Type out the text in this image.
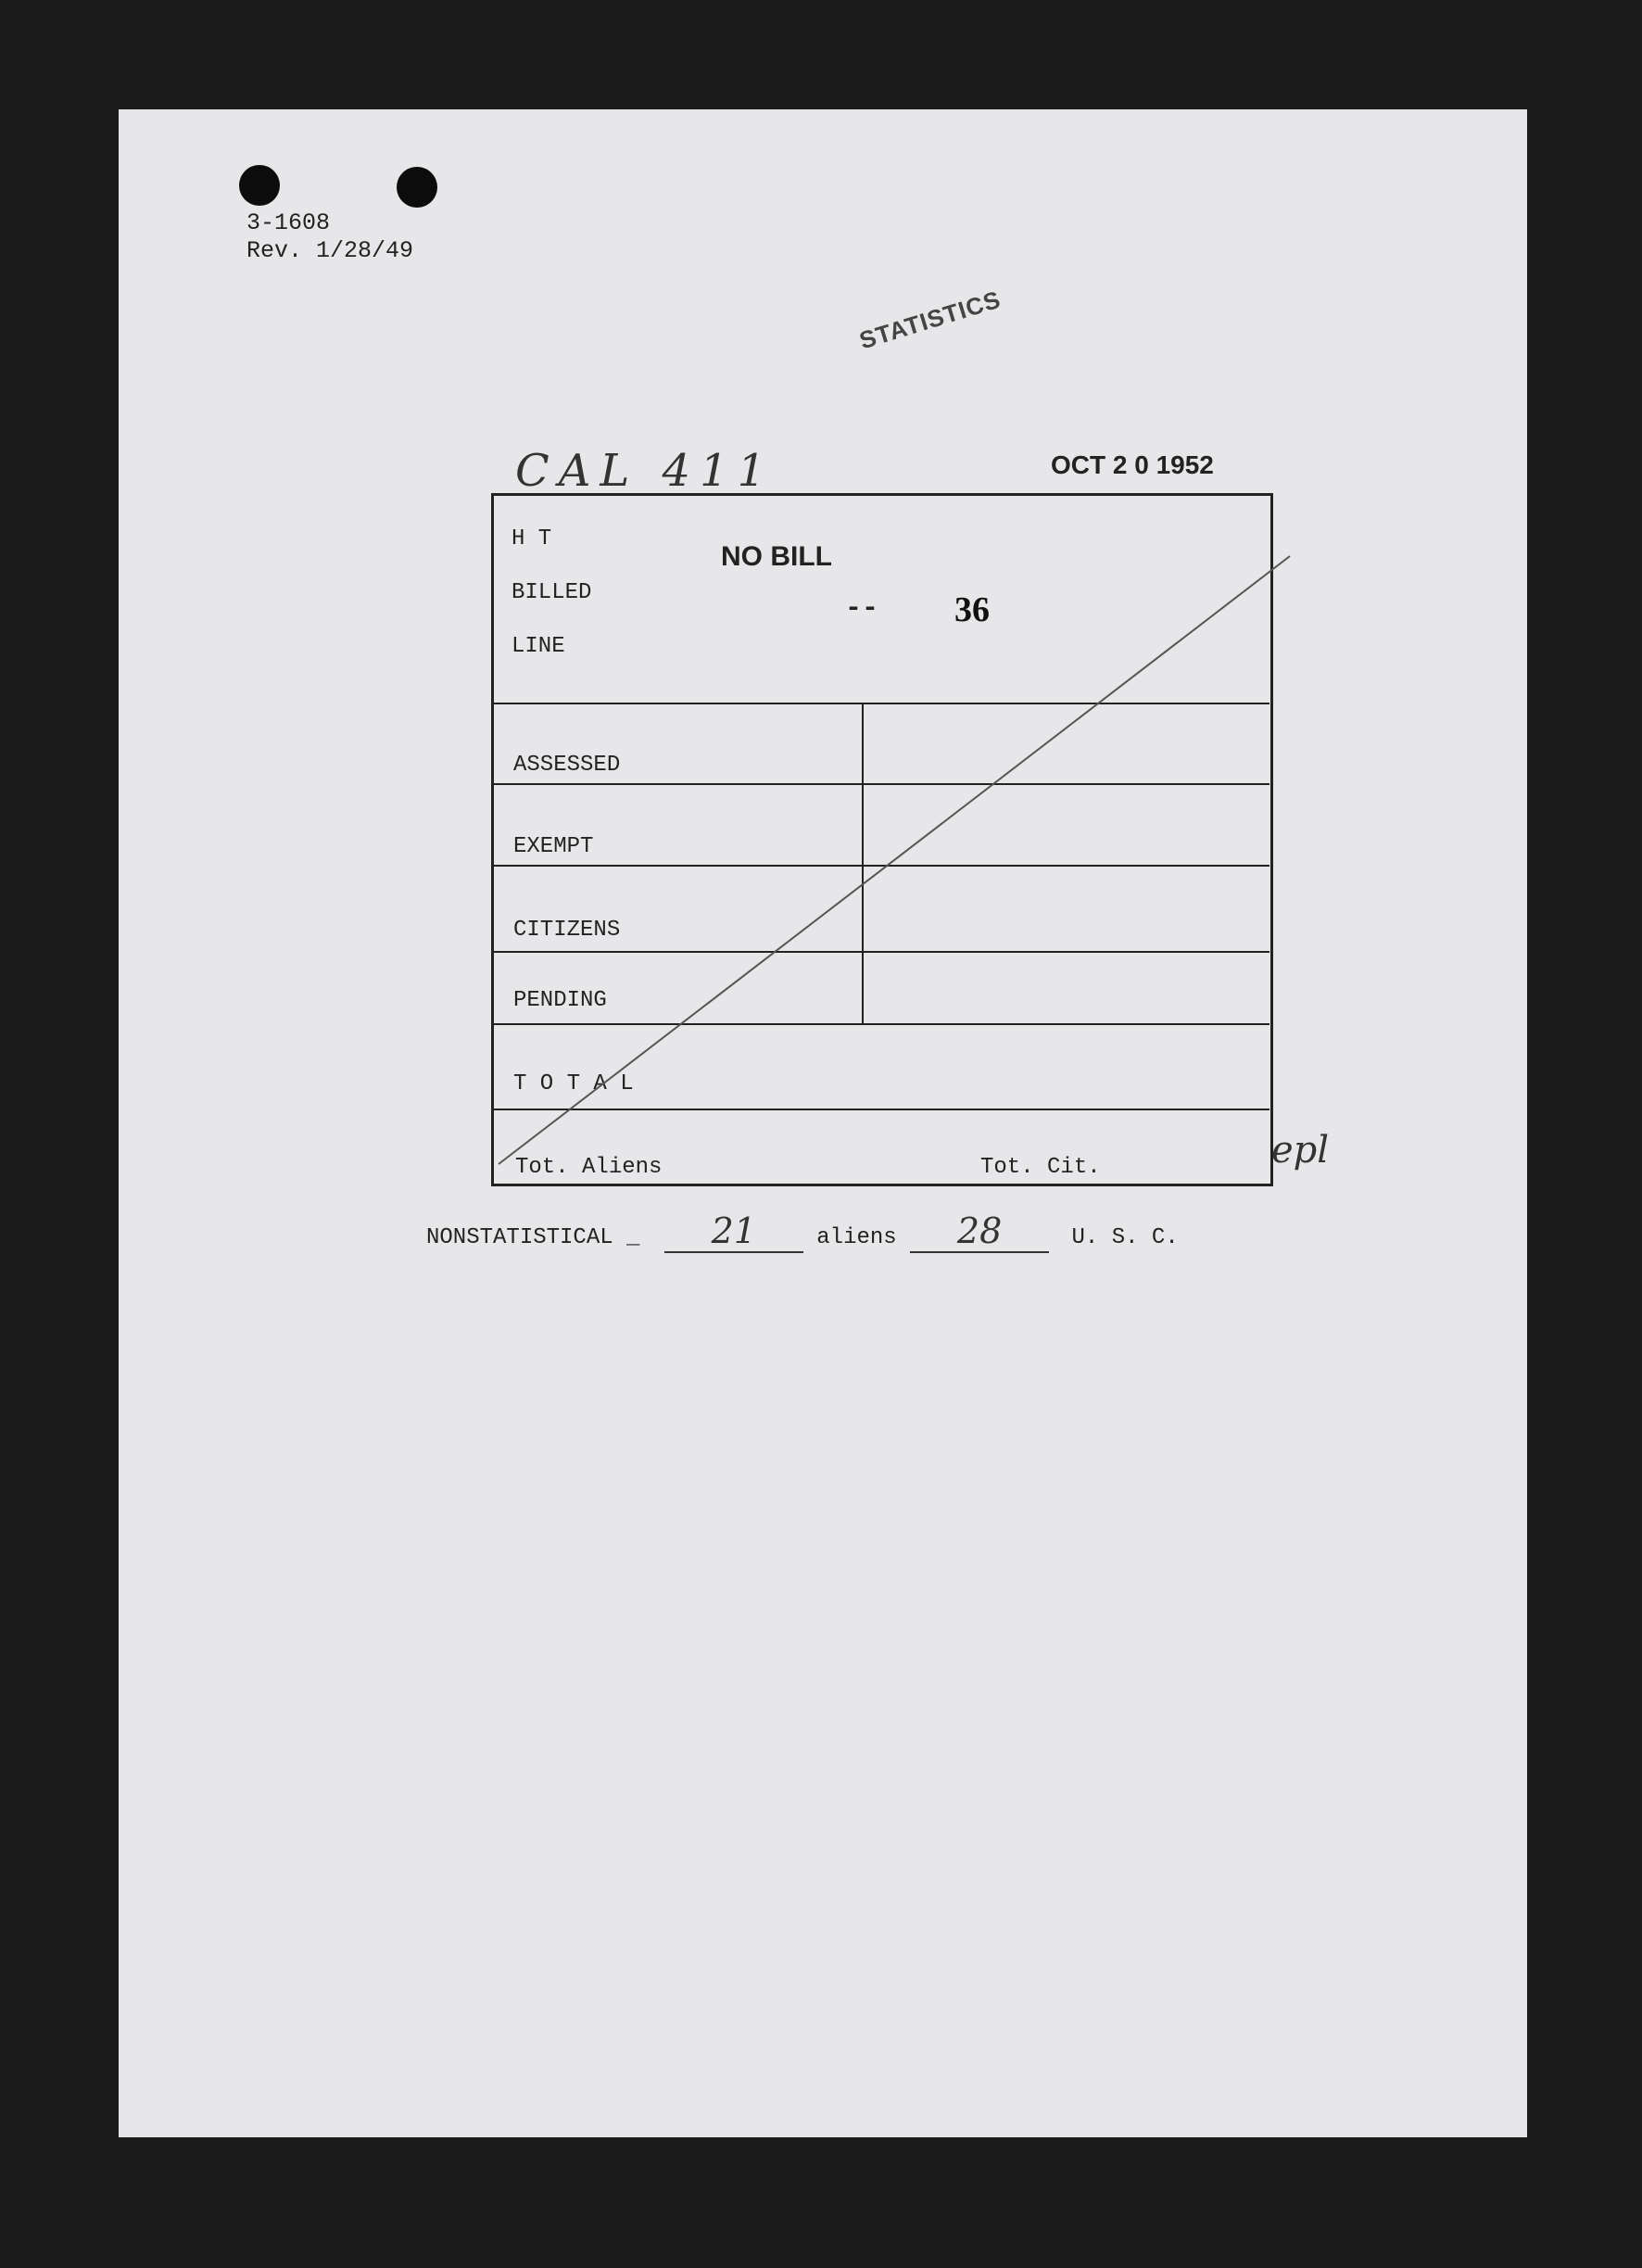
3-1608
Rev. 1/28/49
STATISTICS
CAL 411	OCT 2 0 1952
H T
BILLED
LINE
NO BILL
-- 36
ASSESSED
EXEMPT
CITIZENS
PENDING
T O T A L
Tot. Aliens	Tot. Cit.	epl
NONSTATISTICAL _ 21	aliens 28	U. S. C.
